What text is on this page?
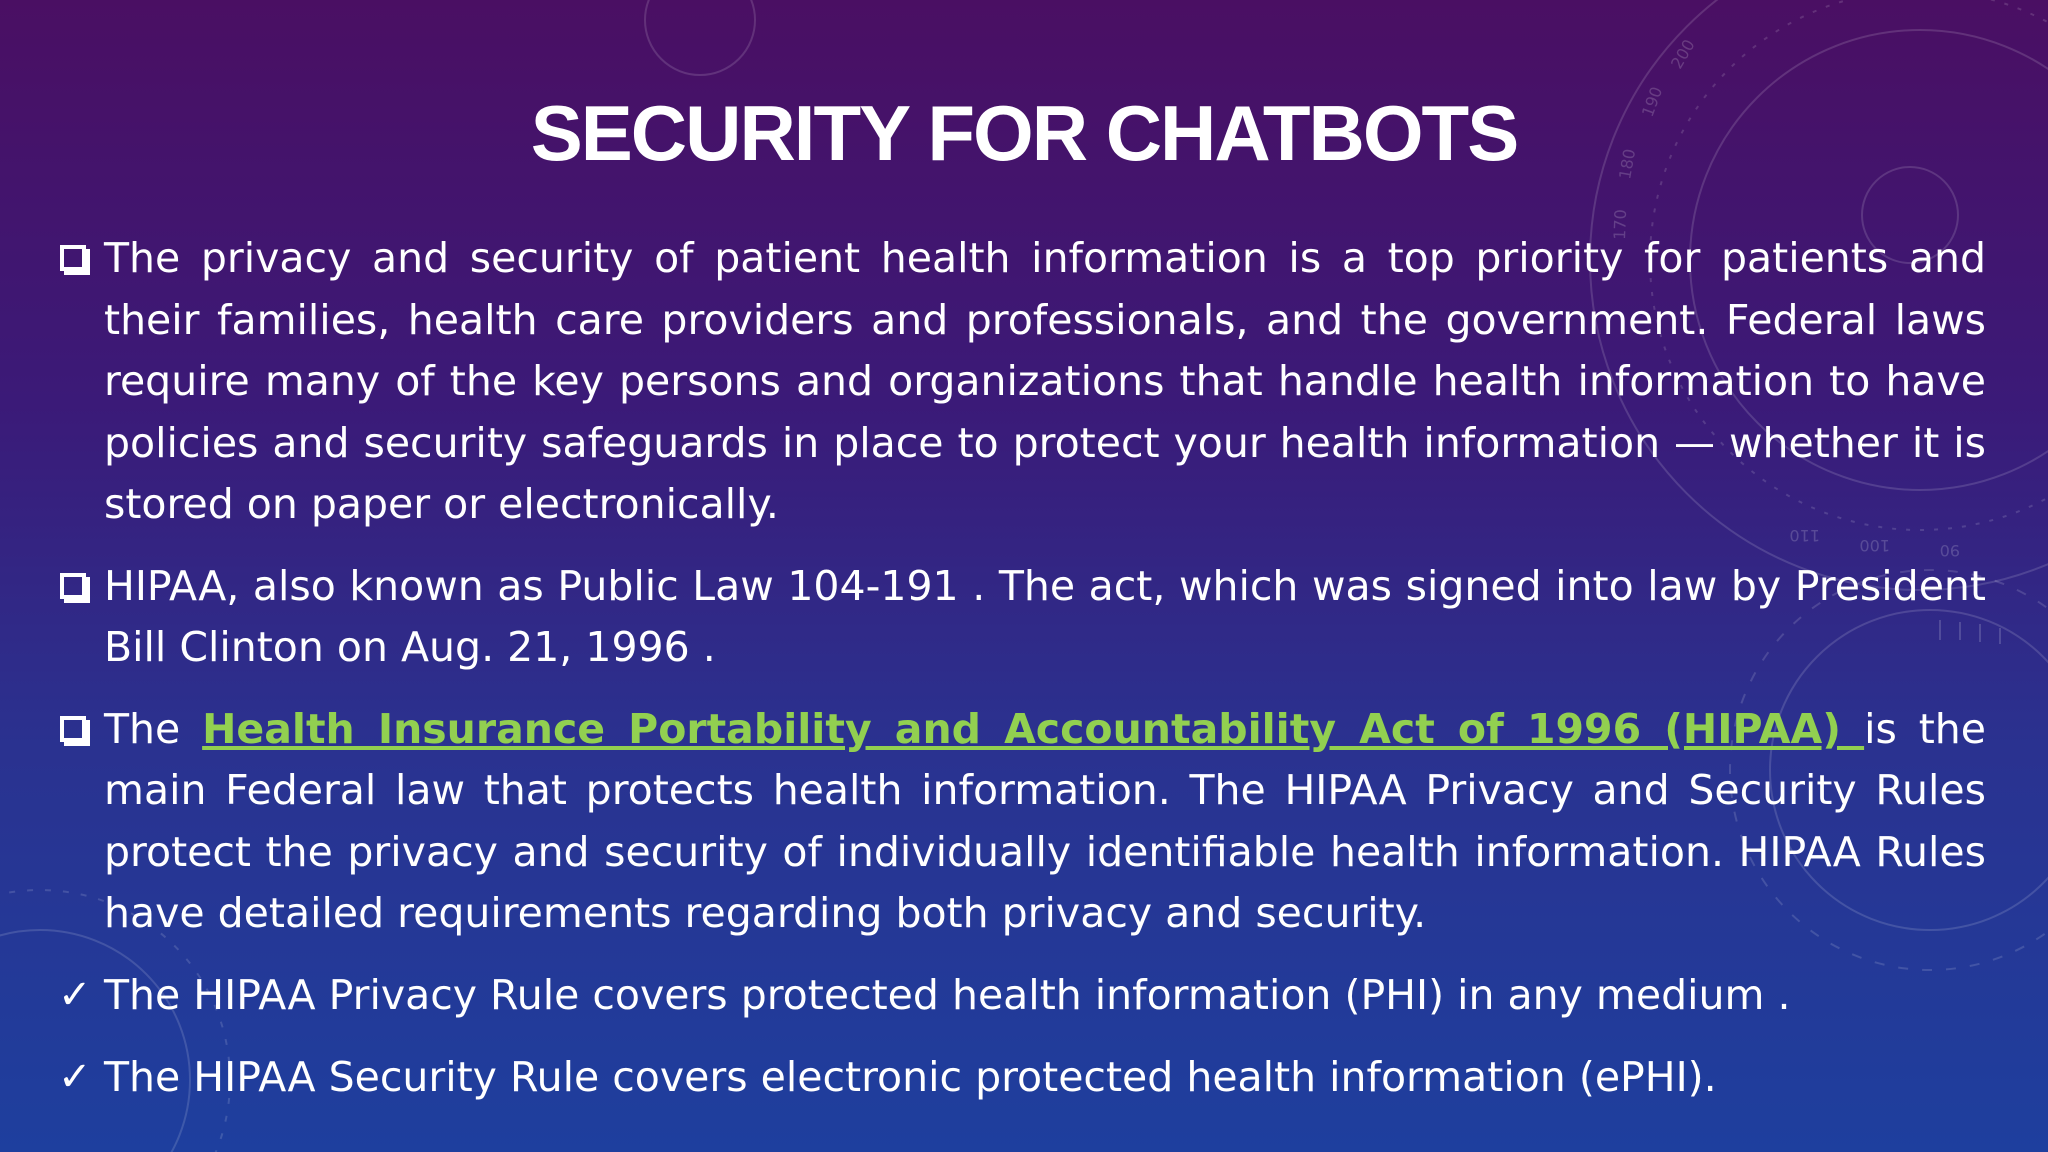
190
200
180
170
110
100	90
SECURITY FOR CHATBOTS
The privacy and security of patient health information is a top priority for patients and their families, health care providers and professionals, and the government. Federal laws require many of the key persons and organizations that handle health information to have policies and security safeguards in place to protect your health information — whether it is stored on paper or electronically.
HIPAA, also known as Public Law 104-191 . The act, which was signed into law by President Bill Clinton on Aug. 21, 1996 .
The Health Insurance Portability and Accountability Act of 1996 (HIPAA) is the main Federal law that protects health information. The HIPAA Privacy and Security Rules protect the privacy and security of individually identifiable health information. HIPAA Rules have detailed requirements regarding both privacy and security.
✓ The HIPAA Privacy Rule covers protected health information (PHI) in any medium .
✓ The HIPAA Security Rule covers electronic protected health information (ePHI).
